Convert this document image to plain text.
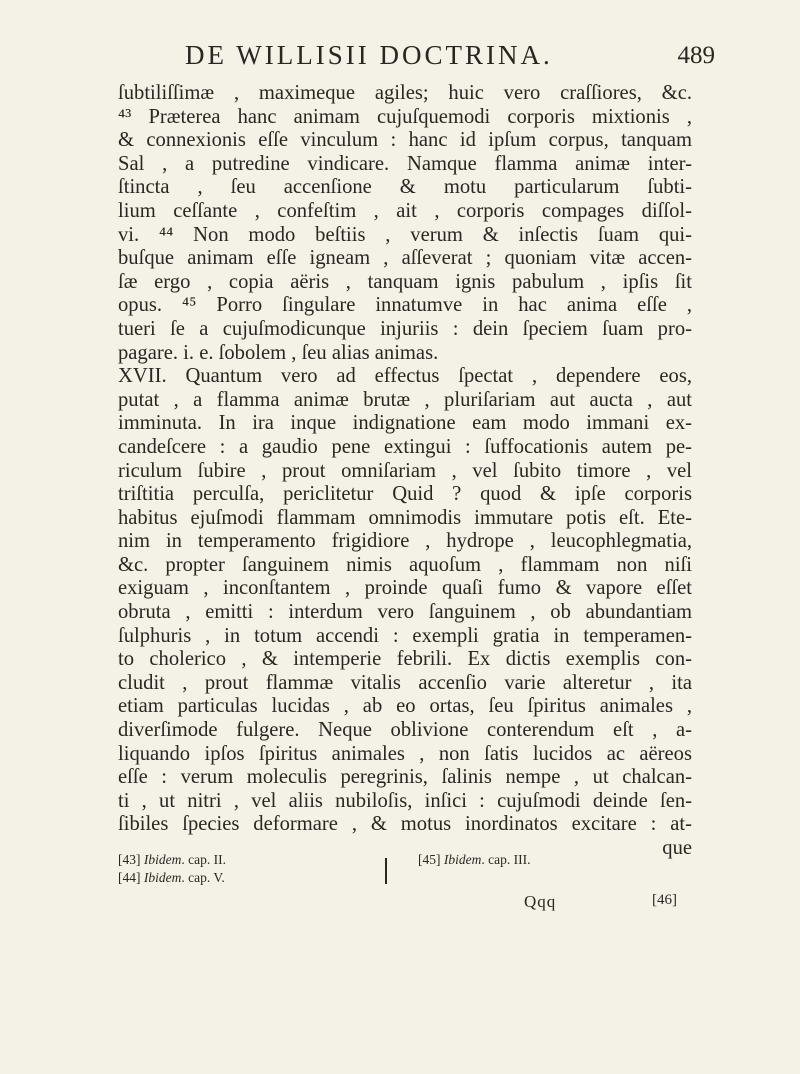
DE WILLISII DOCTRINA.	489
ſubtiliſſimæ , maximeque agiles; huic vero craſſiores, &c.
⁴³ Præterea hanc animam cujuſquemodi corporis mixtionis ,
& connexionis eſſe vinculum : hanc id ipſum corpus, tanquam
Sal , a putredine vindicare. Namque flamma animæ inter-
ſtincta , ſeu accenſione & motu particularum ſubti-
lium ceſſante , confeſtim , ait , corporis compages diſſol-
vi. ⁴⁴ Non modo beſtiis , verum & inſectis ſuam qui-
buſque animam eſſe igneam , aſſeverat ; quoniam vitæ accen-
ſæ ergo , copia aëris , tanquam ignis pabulum , ipſis ſit
opus. ⁴⁵ Porro ſingulare innatumve in hac anima eſſe ,
tueri ſe a cujuſmodicunque injuriis : dein ſpeciem ſuam pro-
pagare. i. e. ſobolem , ſeu alias animas.
XVII. Quantum vero ad effectus ſpectat , dependere eos,
putat , a flamma animæ brutæ , pluriſariam aut aucta , aut
imminuta. In ira inque indignatione eam modo immani ex-
candeſcere : a gaudio pene extingui : ſuffocationis autem pe-
riculum ſubire , prout omniſariam , vel ſubito timore , vel
triſtitia perculſa, periclitetur Quid ? quod & ipſe corporis
habitus ejuſmodi flammam omnimodis immutare potis eſt. Ete-
nim in temperamento frigidiore , hydrope , leucophlegmatia,
&c. propter ſanguinem nimis aquoſum , flammam non niſi
exiguam , inconſtantem , proinde quaſi fumo & vapore eſſet
obruta , emitti : interdum vero ſanguinem , ob abundantiam
ſulphuris , in totum accendi : exempli gratia in temperamen-
to cholerico , & intemperie febrili. Ex dictis exemplis con-
cludit , prout flammæ vitalis accenſio varie alteretur , ita
etiam particulas lucidas , ab eo ortas, ſeu ſpiritus animales ,
diverſimode fulgere. Neque oblivione conterendum eſt , a-
liquando ipſos ſpiritus animales , non ſatis lucidos ac aëreos
eſſe : verum moleculis peregrinis, ſalinis nempe , ut chalcan-
ti , ut nitri , vel aliis nubiloſis, inſici : cujuſmodi deinde ſen-
ſibiles ſpecies deformare , & motus inordinatos excitare : at-
que
[43] Ibidem. cap. II.
[44] Ibidem. cap. V.
[45] Ibidem. cap. III.
Qqq	[46]
